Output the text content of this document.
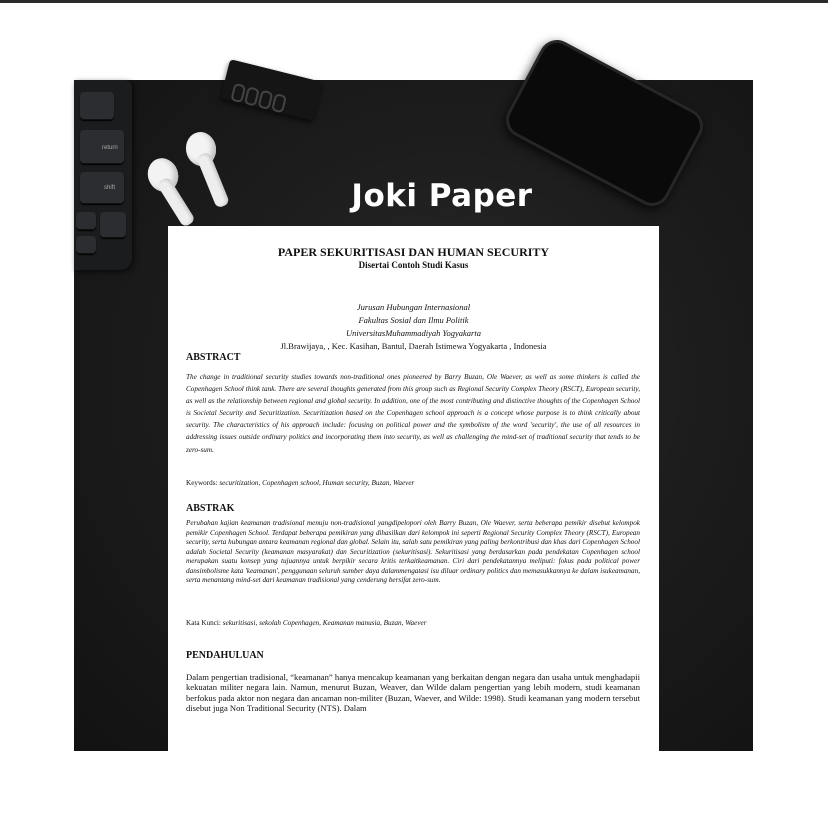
return
shift	Joki Paper
start from 15k idr
PAPER SEKURITISASI DAN HUMAN SECURITY
Disertai Contoh Studi Kasus
Jurusan Hubungan Internasional
Fakultas Sosial dan Ilmu Politik
UniversitasMuhammadiyah Yogyakarta
Jl.Brawijaya, , Kec. Kasihan, Bantul, Daerah Istimewa Yogyakarta , Indonesia
ABSTRACT

The change in traditional security studies towards non-traditional ones pioneered by Barry Buzan, Ole Waever, as well as some thinkers is called the Copenhagen School think tank. There are several thoughts generated from this group such as Regional Security Complex Theory (RSCT), European security, as well as the relationship between regional and global security. In addition, one of the most contributing and distinctive thoughts of the Copenhagen School is Societal Security and Securitization. Securitization based on the Copenhagen school approach is a concept whose purpose is to think critically about security. The characteristics of his approach include: focusing on political power and the symbolism of the word 'security', the use of all resources in addressing issues outside ordinary politics and incorporating them into security, as well as challenging the mind-set of traditional security that tends to be zero-sum.

Keywords: securitization, Copenhagen school, Human security, Buzan, Waever
ABSTRAK

Perubahan kajian keamanan tradisional menuju non-tradisional yangdipelopori oleh Barry Buzan, Ole Waever, serta beberapa pemikir disebut kelompok pemikir Copenhagen School. Terdapat beberapa pemikiran yang dihasilkan dari kelompok ini seperti Regional Security Complex Theory (RSCT), European security, serta hubungan antara keamanan regional dan global. Selain itu, salah satu pemikiran yang paling berkontribusi dan khas dari Copenhagen School adalah Societal Security (keamanan masyarakat) dan Securitization (sekuritisasi). Sekuritisasi yang berdasarkan pada pendekatan Copenhagen school merupakan suatu konsep yang tujuannya untuk berpikir secara kritis terkaitkeamanan. Ciri dari pendekatannya meliputi: fokus pada political power dansimbolisme kata 'keamanan', penggunaan seluruh sumber daya dalammengatasi isu diluar ordinary politics dan memasukkannya ke dalam isukeamanan, serta menantang mind-set dari keamanan tradisional yang cenderung bersifat zero-sum.

Kata Kunci: sekuritisasi, sekolah Copenhagen, Keamanan manusia, Buzan, Waever
PENDAHULUAN

Dalam pengertian tradisional, “keamanan” hanya mencakup keamanan yang berkaitan dengan negara dan usaha untuk menghadapii kekuatan militer negara lain. Namun, menurut Buzan, Weaver, dan Wilde dalam pengertian yang lebih modern, studi keamanan berfokus pada aktor non negara dan ancaman non-militer (Buzan, Waever, and Wilde: 1998). Studi keamanan yang modern tersebut disebut juga Non Traditional Security (NTS). Dalam
